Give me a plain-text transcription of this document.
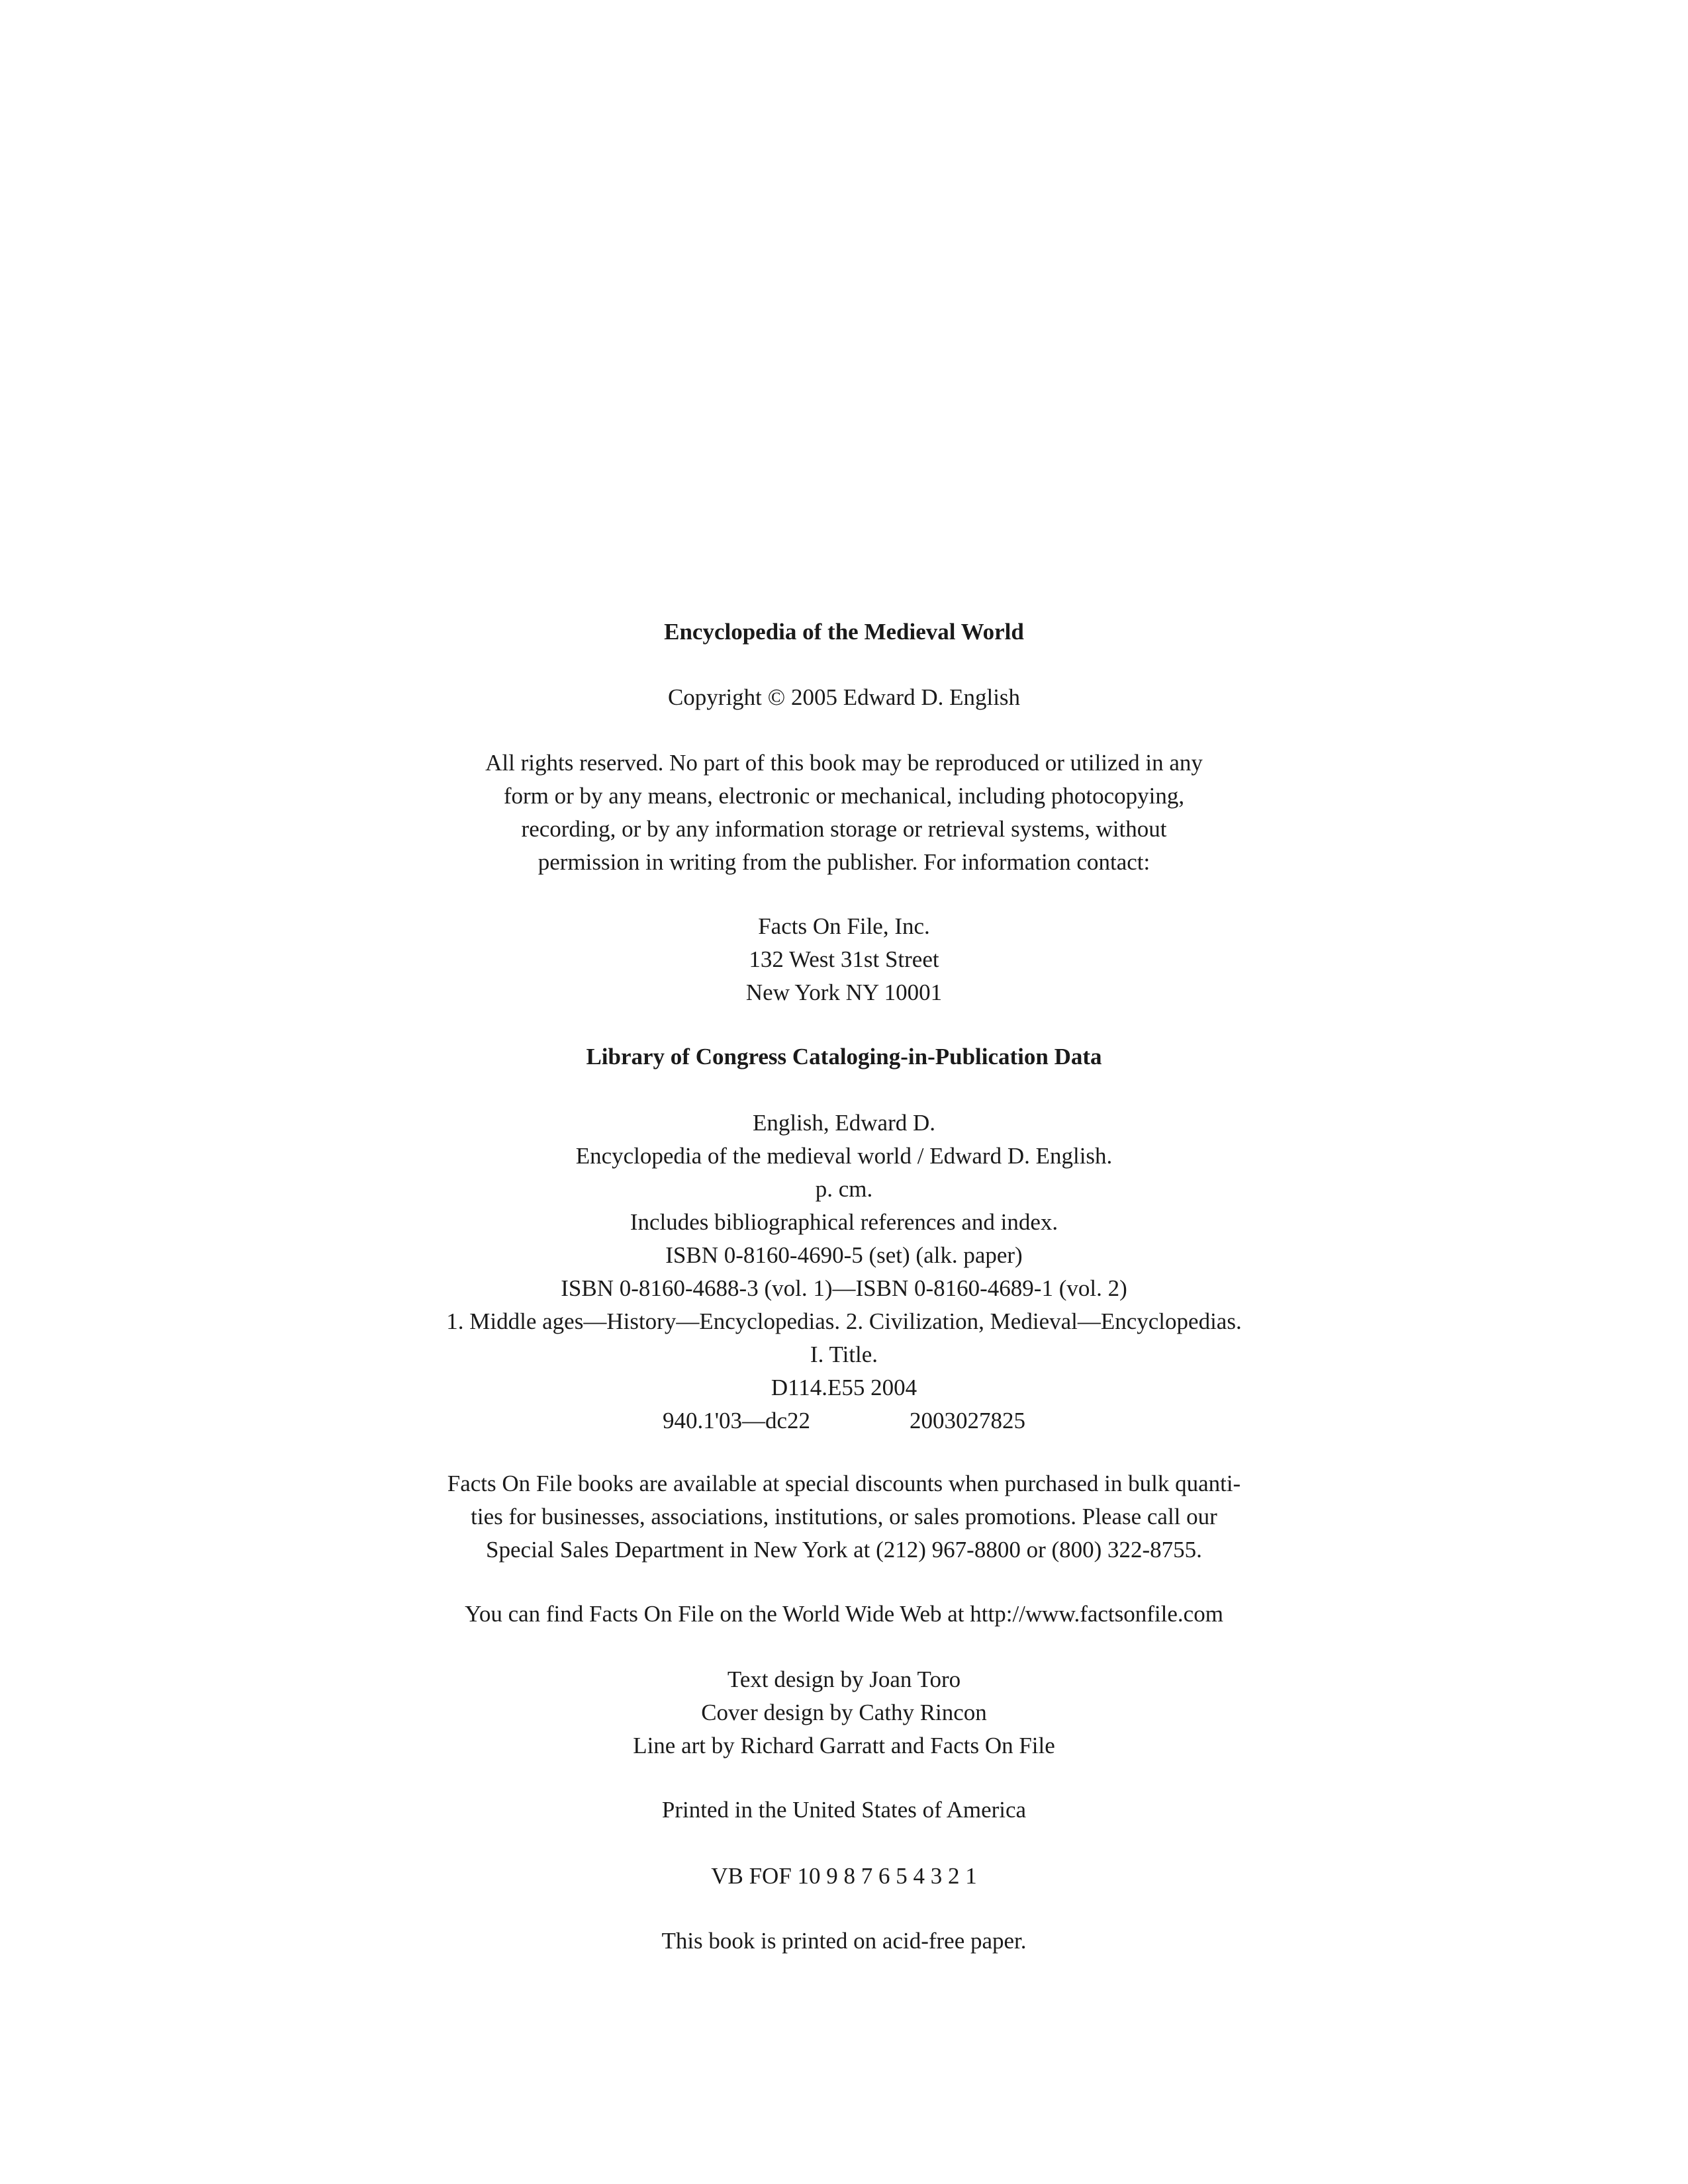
Encyclopedia of the Medieval World

Copyright © 2005 Edward D. English

All rights reserved. No part of this book may be reproduced or utilized in any

form or by any means, electronic or mechanical, including photocopying,

recording, or by any information storage or retrieval systems, without

permission in writing from the publisher. For information contact:

Facts On File, Inc.

132 West 31st Street

New York NY 10001

Library of Congress Cataloging-in-Publication Data

English, Edward D.

Encyclopedia of the medieval world / Edward D. English.

p. cm.

Includes bibliographical references and index.

ISBN 0-8160-4690-5 (set) (alk. paper)

ISBN 0-8160-4688-3 (vol. 1)—ISBN 0-8160-4689-1 (vol. 2)

1. Middle ages—History—Encyclopedias. 2. Civilization, Medieval—Encyclopedias.

I. Title.

D114.E55 2004

940.1'03—dc22	2003027825

Facts On File books are available at special discounts when purchased in bulk quanti-

ties for businesses, associations, institutions, or sales promotions. Please call our

Special Sales Department in New York at (212) 967-8800 or (800) 322-8755.

You can find Facts On File on the World Wide Web at http://www.factsonfile.com

Text design by Joan Toro

Cover design by Cathy Rincon

Line art by Richard Garratt and Facts On File

Printed in the United States of America

VB FOF 10 9 8 7 6 5 4 3 2 1

This book is printed on acid-free paper.
